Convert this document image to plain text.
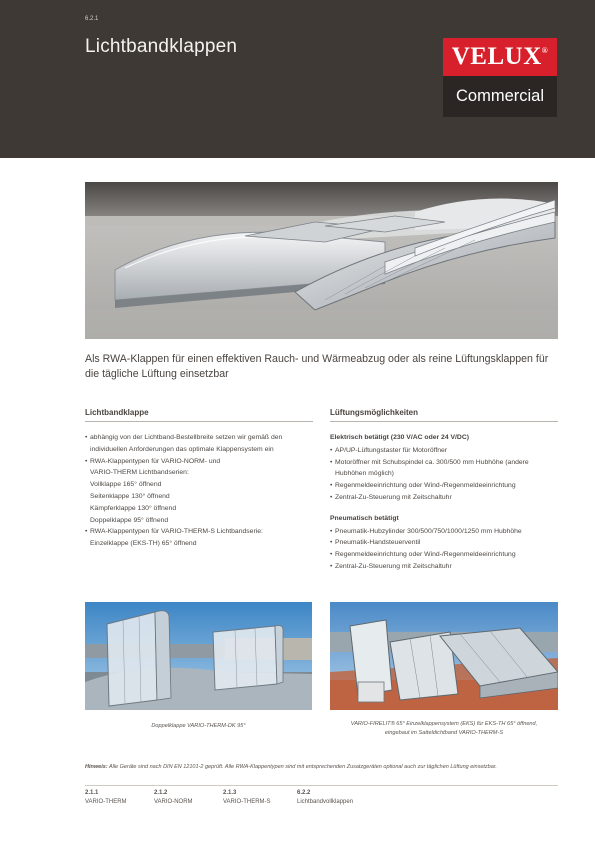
6.2.1
Lichtbandklappen	VELUX®
Commercial
Als RWA-Klappen für einen effektiven Rauch- und Wärmeabzug oder als reine Lüftungsklappen für die tägliche Lüftung einsetzbar
Lichtbandklappe
• abhängig von der Lichtband-Bestellbreite setzen wir gemäß den
individuellen Anforderungen das optimale Klappensystem ein
• RWA-Klappentypen für VARIO-NORM- und
VARIO-THERM Lichtbandserien:
Vollklappe 165° öffnend
Seitenklappe 130° öffnend
Kämpferklappe 130° öffnend
Doppelklappe 95° öffnend
• RWA-Klappentypen für VARIO-THERM-S Lichtbandserie:
Einzelklappe (EKS-TH) 65° öffnend
Lüftungsmöglichkeiten
Elektrisch betätigt (230 V/AC oder 24 V/DC)
• AP/UP-Lüftungstaster für Motoröffner
• Motoröffner mit Schubspindel ca. 300/500 mm Hubhöhe (andere Hubhöhen möglich)
• Regenmeldeeinrichtung oder Wind-/Regenmeldeeinrichtung
• Zentral-Zu-Steuerung mit Zeitschaltuhr
Pneumatisch betätigt
• Pneumatik-Hubzylinder 300/500/750/1000/1250 mm Hubhöhe
• Pneumatik-Handsteuerventil
• Regenmeldeeinrichtung oder Wind-/Regenmeldeeinrichtung
• Zentral-Zu-Steuerung mit Zeitschaltuhr
Doppelklappe VARIO-THERM-DK 95°	VARIO-FIRELIT® 65° Einzelklappensystem (EKS) für EKS-TH 65° öffnend,
eingebaut im Satteldichtband VARIO-THERM-S
Hinweis: Alle Geräte sind nach DIN EN 12101-2 geprüft. Alle RWA-Klappentypen sind mit entsprechenden Zusatzgeräten optional auch zur täglichen Lüftung einsetzbar.
2.1.1
VARIO-THERM
2.1.2
VARIO-NORM
2.1.3
VARIO-THERM-S
6.2.2
Lichtbandvollklappen
